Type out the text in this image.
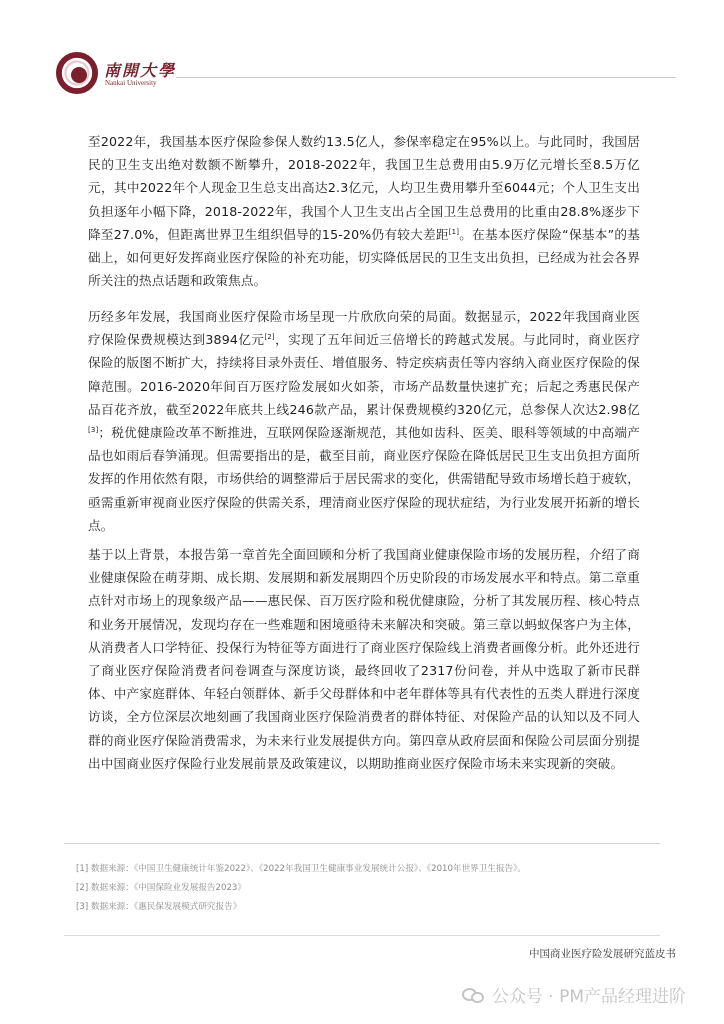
南開大學
Nankai University
至2022年，我国基本医疗保险参保人数约13.5亿人，参保率稳定在95%以上。与此同时，我国居民的卫生支出绝对数额不断攀升，2018-2022年，我国卫生总费用由5.9万亿元增长至8.5万亿元，其中2022年个人现金卫生总支出高达2.3亿元，人均卫生费用攀升至6044元；个人卫生支出负担逐年小幅下降，2018-2022年，我国个人卫生支出占全国卫生总费用的比重由28.8%逐步下降至27.0%，但距离世界卫生组织倡导的15-20%仍有较大差距[1]。在基本医疗保险“保基本”的基础上，如何更好发挥商业医疗保险的补充功能，切实降低居民的卫生支出负担，已经成为社会各界所关注的热点话题和政策焦点。
历经多年发展，我国商业医疗保险市场呈现一片欣欣向荣的局面。数据显示，2022年我国商业医疗保险保费规模达到3894亿元[2]，实现了五年间近三倍增长的跨越式发展。与此同时，商业医疗保险的版图不断扩大，持续将目录外责任、增值服务、特定疾病责任等内容纳入商业医疗保险的保障范围。2016-2020年间百万医疗险发展如火如荼，市场产品数量快速扩充；后起之秀惠民保产品百花齐放，截至2022年底共上线246款产品，累计保费规模约320亿元，总参保人次达2.98亿[3]；税优健康险改革不断推进，互联网保险逐渐规范，其他如齿科、医美、眼科等领域的中高端产品也如雨后春笋涌现。但需要指出的是，截至目前，商业医疗保险在降低居民卫生支出负担方面所发挥的作用依然有限，市场供给的调整滞后于居民需求的变化，供需错配导致市场增长趋于疲软，亟需重新审视商业医疗保险的供需关系，理清商业医疗保险的现状症结，为行业发展开拓新的增长点。
基于以上背景，本报告第一章首先全面回顾和分析了我国商业健康保险市场的发展历程，介绍了商业健康保险在萌芽期、成长期、发展期和新发展期四个历史阶段的市场发展水平和特点。第二章重点针对市场上的现象级产品——惠民保、百万医疗险和税优健康险，分析了其发展历程、核心特点和业务开展情况，发现均存在一些难题和困境亟待未来解决和突破。第三章以蚂蚁保客户为主体，从消费者人口学特征、投保行为特征等方面进行了商业医疗保险线上消费者画像分析。此外还进行了商业医疗保险消费者问卷调查与深度访谈，最终回收了2317份问卷，并从中选取了新市民群体、中产家庭群体、年轻白领群体、新手父母群体和中老年群体等具有代表性的五类人群进行深度访谈，全方位深层次地刻画了我国商业医疗保险消费者的群体特征、对保险产品的认知以及不同人群的商业医疗保险消费需求，为未来行业发展提供方向。第四章从政府层面和保险公司层面分别提出中国商业医疗保险行业发展前景及政策建议，以期助推商业医疗保险市场未来实现新的突破。
[1] 数据来源：《中国卫生健康统计年鉴2022》、《2022年我国卫生健康事业发展统计公报》、《2010年世界卫生报告》。
[2] 数据来源：《中国保险业发展报告2023》
[3] 数据来源：《惠民保发展模式研究报告》
中国商业医疗险发展研究蓝皮书
公众号 · PM产品经理进阶
